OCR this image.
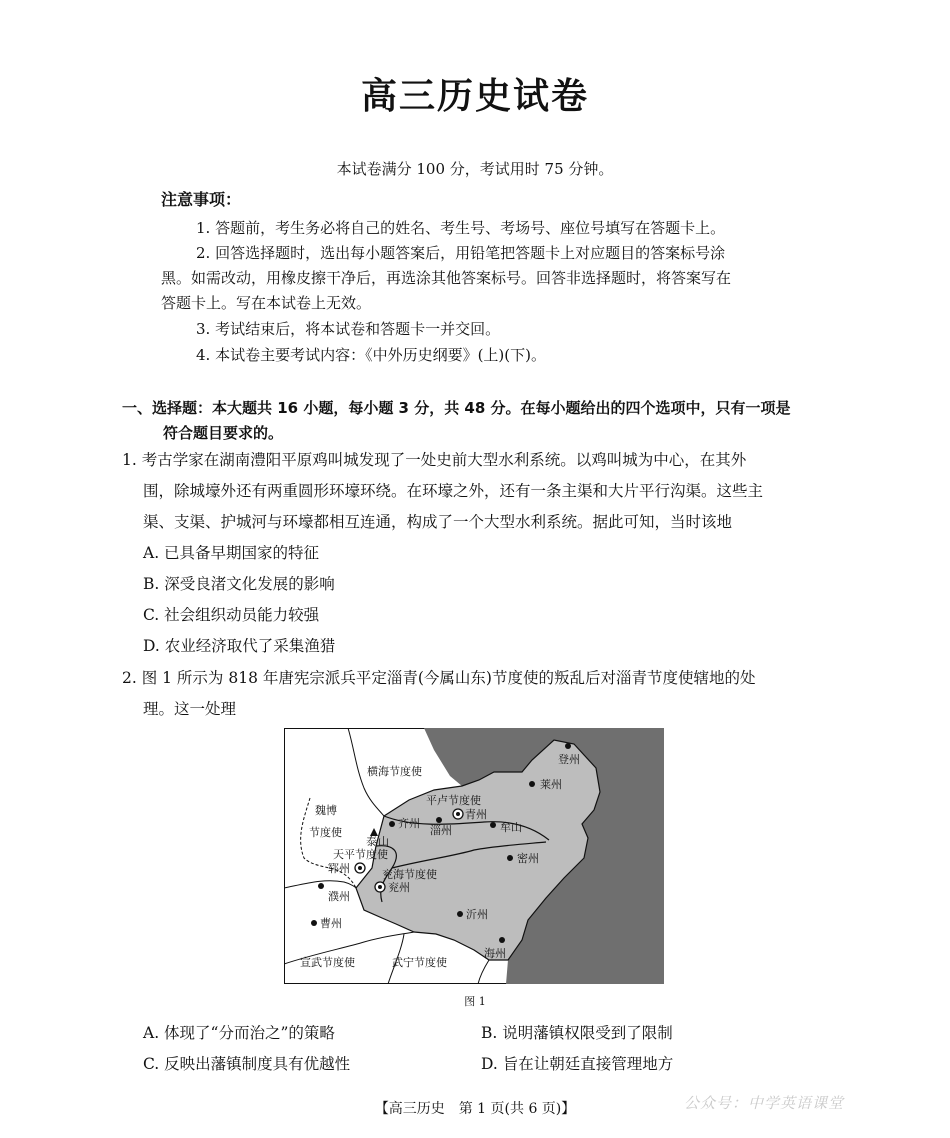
高三历史试卷
本试卷满分 100 分，考试用时 75 分钟。
注意事项：
1. 答题前，考生务必将自己的姓名、考生号、考场号、座位号填写在答题卡上。
2. 回答选择题时，选出每小题答案后，用铅笔把答题卡上对应题目的答案标号涂
黑。如需改动，用橡皮擦干净后，再选涂其他答案标号。回答非选择题时，将答案写在
答题卡上。写在本试卷上无效。
3. 考试结束后，将本试卷和答题卡一并交回。
4. 本试卷主要考试内容：《中外历史纲要》(上)(下)。
一、选择题：本大题共 16 小题，每小题 3 分，共 48 分。在每小题给出的四个选项中，只有一项是
符合题目要求的。
1. 考古学家在湖南澧阳平原鸡叫城发现了一处史前大型水利系统。以鸡叫城为中心，在其外
围，除城壕外还有两重圆形环壕环绕。在环壕之外，还有一条主渠和大片平行沟渠。这些主
渠、支渠、护城河与环壕都相互连通，构成了一个大型水利系统。据此可知，当时该地
A. 已具备早期国家的特征
B. 深受良渚文化发展的影响
C. 社会组织动员能力较强
D. 农业经济取代了采集渔猎
2. 图 1 所示为 818 年唐宪宗派兵平定淄青(今属山东)节度使的叛乱后对淄青节度使辖地的处
理。这一处理
横海节度使
魏博
节度使
平卢节度使
天平节度使
兖海节度使
宣武节度使	武宁节度使
泰 山
登州
莱州
齐州
淄州
青州
牟山
密州
郓州
濮州
兖州
曹州
沂州
海州
图 1
A. 体现了“分而治之”的策略	B. 说明藩镇权限受到了限制
C. 反映出藩镇制度具有优越性	D. 旨在让朝廷直接管理地方
【高三历史　第 1 页(共 6 页)】	公众号：中学英语课堂
